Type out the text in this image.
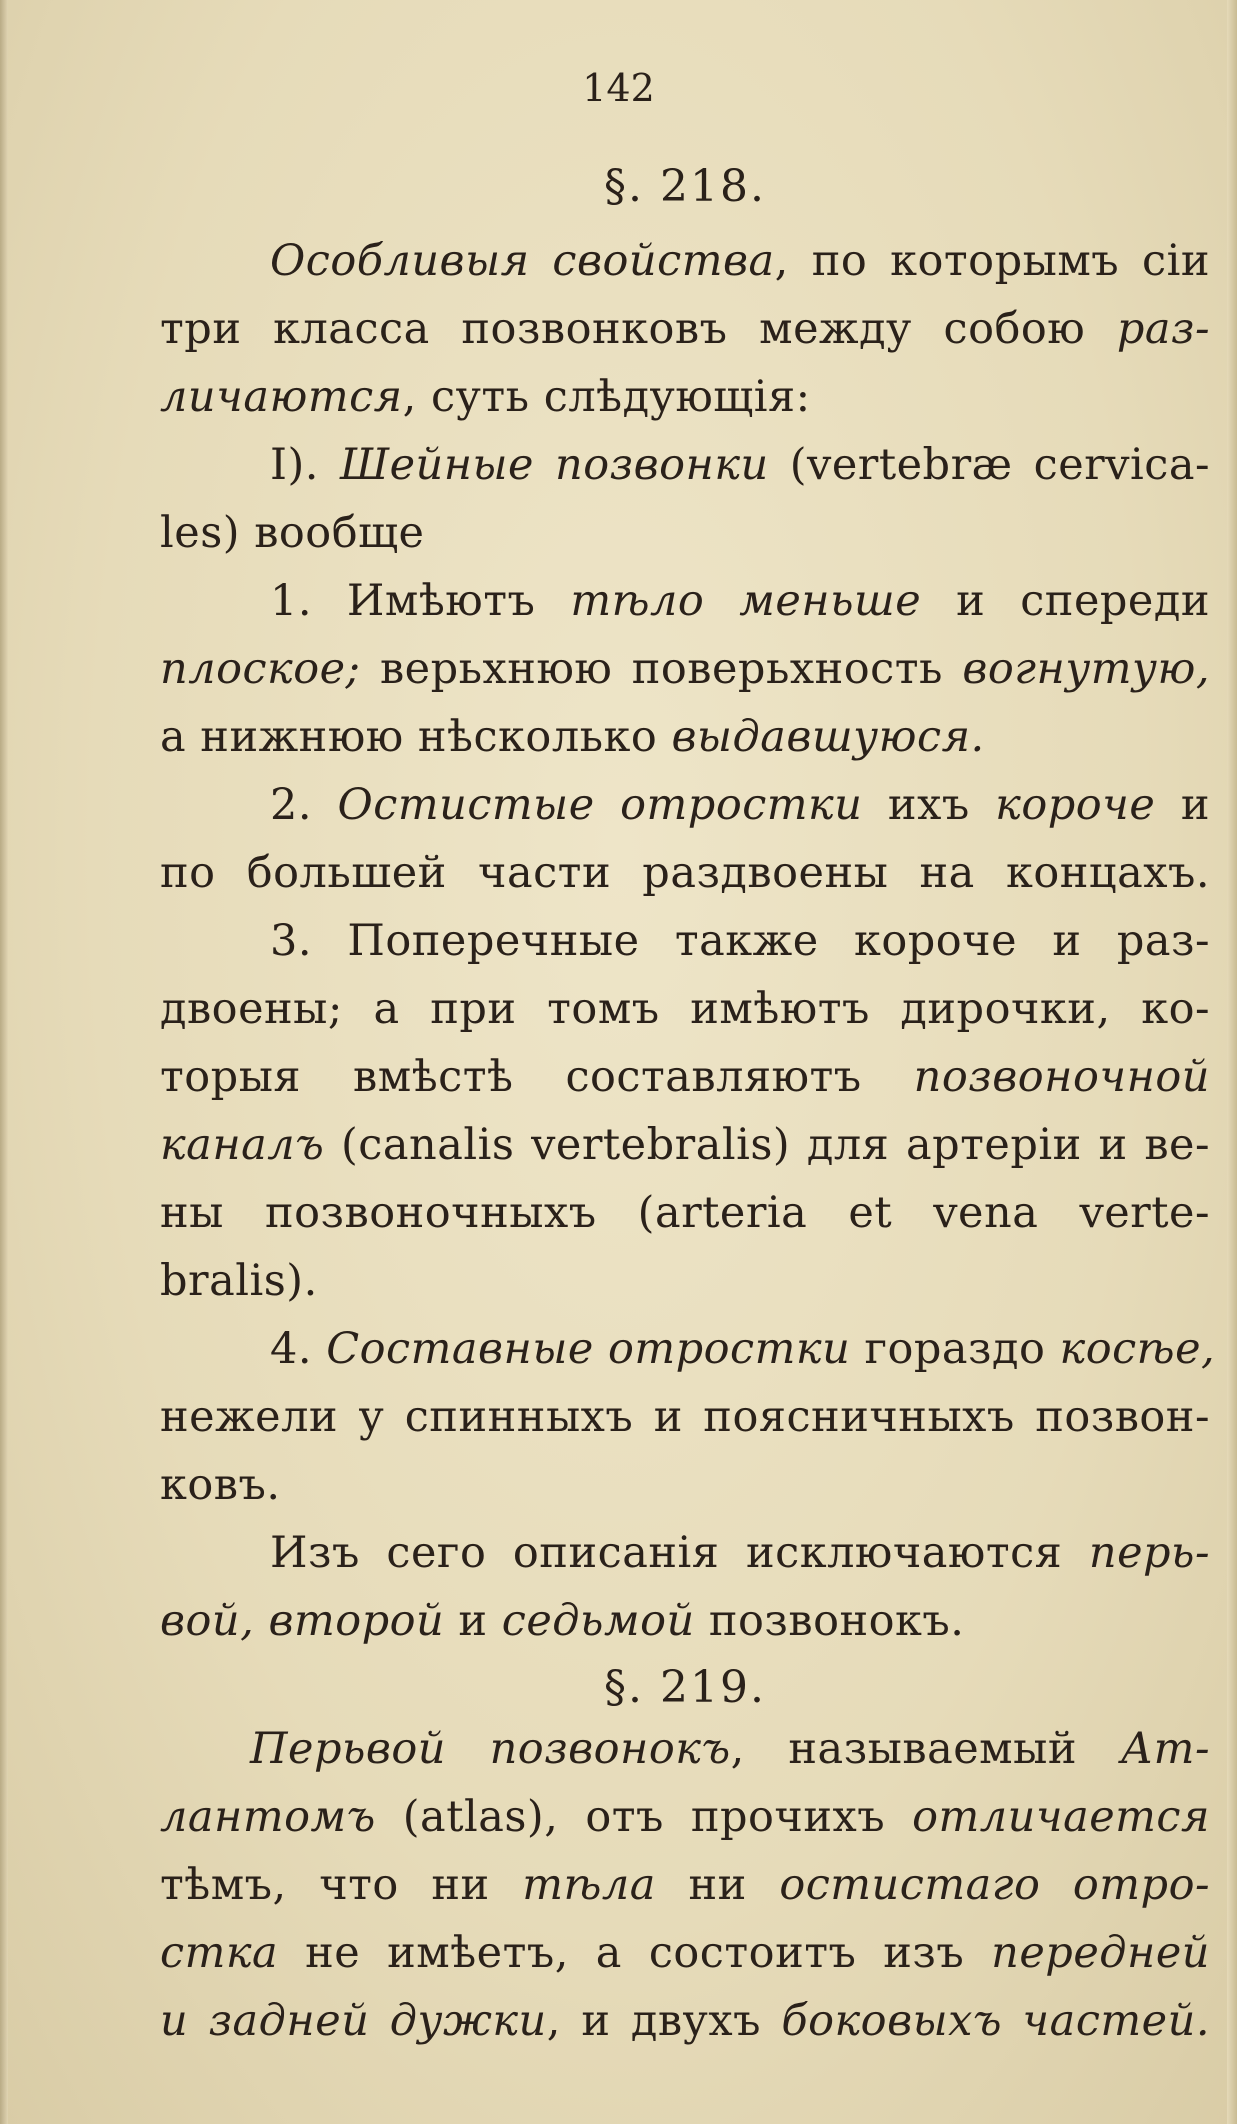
142
§. 218.
Особливыя свойства, по которымъ сіи
три класса позвонковъ между собою раз-
личаются, суть слѣдующія:
I). Шейные позвонки (vertebræ cervica-
les) вообще
1. Имѣютъ тѣло меньше и спереди
плоское; верьхнюю поверьхность вогнутую,
а нижнюю нѣсколько выдавшуюся.
2. Остистые отростки ихъ короче и
по большей части раздвоены на концахъ.
3. Поперечные также короче и раз-
двоены; а при томъ имѣютъ дирочки, ко-
торыя вмѣстѣ составляютъ позвоночной
каналъ (canalis vertebralis) для артеріи и ве-
ны позвоночныхъ (arteria et vena verte-
bralis).
4. Составные отростки гораздо косѣе,
нежели у спинныхъ и поясничныхъ позвон-
ковъ.
Изъ сего описанія исключаются перь-
вой, второй и седьмой позвонокъ.
§. 219.
Перьвой позвонокъ, называемый Ат-
лантомъ (atlas), отъ прочихъ отличается
тѣмъ, что ни тѣла ни остистаго отро-
стка не имѣетъ, а состоитъ изъ передней
и задней дужки, и двухъ боковыхъ частей.
